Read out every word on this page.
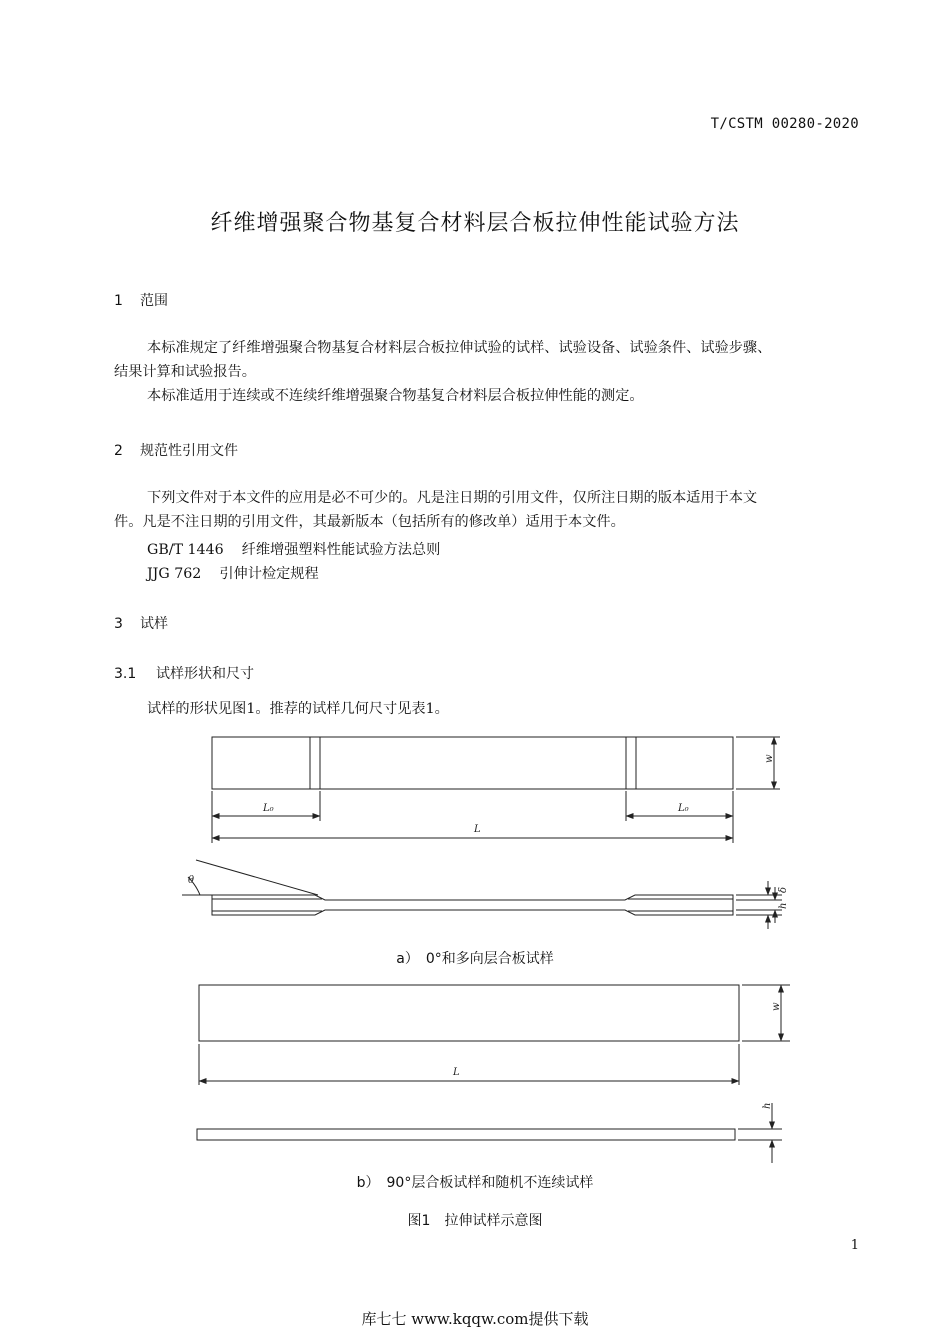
T/CSTM 00280-2020
纤维增强聚合物基复合材料层合板拉伸性能试验方法
1 范围
本标准规定了纤维增强聚合物基复合材料层合板拉伸试验的试样、试验设备、试验条件、试验步骤、
结果计算和试验报告。
本标准适用于连续或不连续纤维增强聚合物基复合材料层合板拉伸性能的测定。
2 规范性引用文件
下列文件对于本文件的应用是必不可少的。凡是注日期的引用文件，仅所注日期的版本适用于本文
件。凡是不注日期的引用文件，其最新版本（包括所有的修改单）适用于本文件。
GB/T 1446 纤维增强塑料性能试验方法总则
JJG 762 引伸计检定规程
3 试样
3.1 试样形状和尺寸
试样的形状见图1。推荐的试样几何尺寸见表1。
w
L₀	L₀
L
θ
h
δ
w
L
h
a）　0°和多向层合板试样
b）　90°层合板试样和随机不连续试样
图1　拉伸试样示意图
1
库七七 www.kqqw.com提供下载
